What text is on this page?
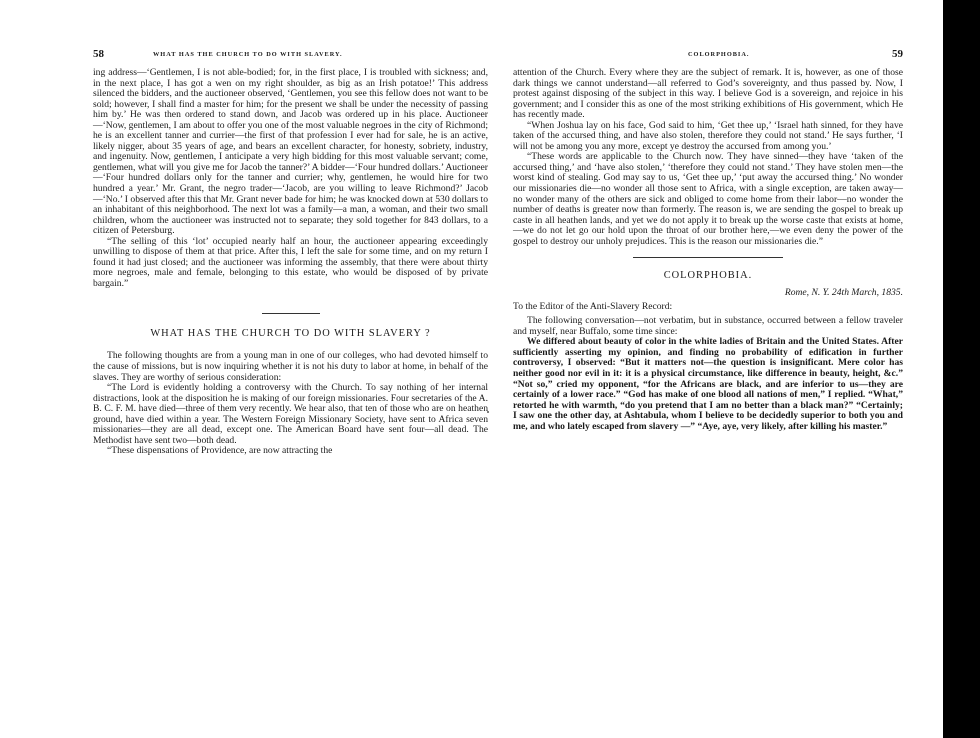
58	WHAT HAS THE CHURCH TO DO WITH SLAVERY.

ing address—‘Gentlemen, I is not able-bodied; for, in the first place, I is troubled with sickness; and, in the next place, I has got a wen on my right shoulder, as big as an Irish potatoe!’ This address silenced the bidders, and the auctioneer observed, ‘Gentlemen, you see this fellow does not want to be sold; however, I shall find a master for him; for the present we shall be under the necessity of passing him by.’ He was then ordered to stand down, and Jacob was ordered up in his place. Auctioneer—‘Now, gentlemen, I am about to offer you one of the most valuable negroes in the city of Richmond; he is an excellent tanner and currier—the first of that profession I ever had for sale, he is an active, likely nigger, about 35 years of age, and bears an excellent character, for honesty, sobriety, industry, and ingenuity. Now, gentlemen, I anticipate a very high bidding for this most valuable servant; come, gentlemen, what will you give me for Jacob the tanner?’ A bidder—‘Four hundred dollars.’ Auctioneer—‘Four hundred dollars only for the tanner and currier; why, gentlemen, he would hire for two hundred a year.’ Mr. Grant, the negro trader—‘Jacob, are you willing to leave Richmond?’ Jacob—‘No.’ I observed after this that Mr. Grant never bade for him; he was knocked down at 530 dollars to an inhabitant of this neighborhood. The next lot was a family—a man, a woman, and their two small children, whom the auctioneer was instructed not to separate; they sold together for 843 dollars, to a citizen of Petersburg.

“The selling of this ‘lot’ occupied nearly half an hour, the auctioneer appearing exceedingly unwilling to dispose of them at that price. After this, I left the sale for some time, and on my return I found it had just closed; and the auctioneer was informing the assembly, that there were about thirty more negroes, male and female, belonging to this estate, who would be disposed of by private bargain.”

WHAT HAS THE CHURCH TO DO WITH SLAVERY ?

The following thoughts are from a young man in one of our colleges, who had devoted himself to the cause of missions, but is now inquiring whether it is not his duty to labor at home, in behalf of the slaves. They are worthy of serious consideration:

“The Lord is evidently holding a controversy with the Church. To say nothing of her internal distractions, look at the disposition he is making of our foreign missionaries. Four secretaries of the A. B. C. F. M. have died—three of them very recently. We hear also, that ten of those who are on heathen ground, have died within a year. The Western Foreign Missionary Society, have sent to Africa seven missionaries—they are all dead, except one. The American Board have sent four—all dead. The Methodist have sent two—both dead.

“These dispensations of Providence, are now attracting the

COLORPHOBIA.	59

attention of the Church. Every where they are the subject of remark. It is, however, as one of those dark things we cannot understand—all referred to God’s sovereignty, and thus passed by. Now, I protest against disposing of the subject in this way. I believe God is a sovereign, and rejoice in his government; and I consider this as one of the most striking exhibitions of His government, which He has recently made.

“When Joshua lay on his face, God said to him, ‘Get thee up,’ ‘Israel hath sinned, for they have taken of the accursed thing, and have also stolen, therefore they could not stand.’ He says further, ‘I will not be among you any more, except ye destroy the accursed from among you.’

“These words are applicable to the Church now. They have sinned—they have ‘taken of the accursed thing,’ and ‘have also stolen,’ ‘therefore they could not stand.’ They have stolen men—the worst kind of stealing. God may say to us, ‘Get thee up,’ ‘put away the accursed thing.’ No wonder our missionaries die—no wonder all those sent to Africa, with a single exception, are taken away—no wonder many of the others are sick and obliged to come home from their labor—no wonder the number of deaths is greater now than formerly. The reason is, we are sending the gospel to break up caste in all heathen lands, and yet we do not apply it to break up the worse caste that exists at home,—we do not let go our hold upon the throat of our brother here,—we even deny the power of the gospel to destroy our unholy prejudices. This is the reason our missionaries die.”

COLORPHOBIA.

Rome, N. Y. 24th March, 1835.

To the Editor of the Anti-Slavery Record:

The following conversation—not verbatim, but in substance, occurred between a fellow traveler and myself, near Buffalo, some time since:

We differed about beauty of color in the white ladies of Britain and the United States. After sufficiently asserting my opinion, and finding no probability of edification in further controversy, I observed: “But it matters not—the question is insignificant. Mere color has neither good nor evil in it: it is a physical circumstance, like difference in beauty, height, &c.” “Not so,” cried my opponent, “for the Africans are black, and are inferior to us—they are certainly of a lower race.” “God has make of one blood all nations of men,” I replied. “What,” retorted he with warmth, “do you pretend that I am no better than a black man?” “Certainly; I saw one the other day, at Ashtabula, whom I believe to be decidedly superior to both you and me, and who lately escaped from slavery —” “Aye, aye, very likely, after killing his master.”
